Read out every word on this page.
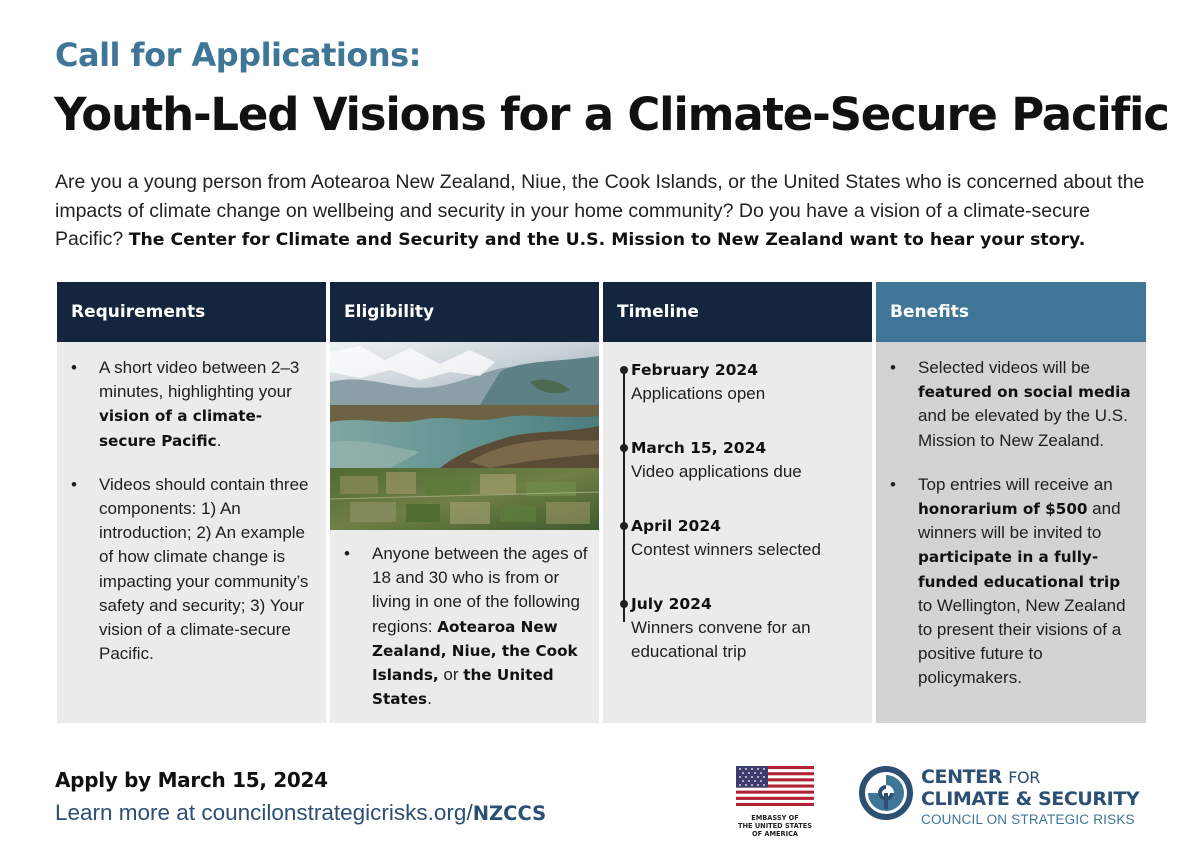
Call for Applications:
Youth-Led Visions for a Climate-Secure Pacific

Are you a young person from Aotearoa New Zealand, Niue, the Cook Islands, or the United States who is concerned about the impacts of climate change on wellbeing and security in your home community? Do you have a vision of a climate-secure Pacific? The Center for Climate and Security and the U.S. Mission to New Zealand want to hear your story.

Requirements
• A short video between 2–3 minutes, highlighting your vision of a climate-secure Pacific.
• Videos should contain three components: 1) An introduction; 2) An example of how climate change is impacting your community’s safety and security; 3) Your vision of a climate-secure Pacific.
Eligibility
• Anyone between the ages of 18 and 30 who is from or living in one of the following regions: Aotearoa New Zealand, Niue, the Cook Islands, or the United States.
Timeline
February 2024
Applications open
March 15, 2024
Video applications due
April 2024
Contest winners selected
July 2024
Winners convene for an educational trip
Benefits
• Selected videos will be featured on social media and be elevated by the U.S. Mission to New Zealand.
• Top entries will receive an honorarium of $500 and winners will be invited to participate in a fully-funded educational trip to Wellington, New Zealand to present their visions of a positive future to policymakers.
Apply by March 15, 2024
Learn more at councilonstrategicrisks.org/NZCCS	EMBASSY OF
THE UNITED STATES
OF AMERICA
CENTER FOR
CLIMATE & SECURITY
COUNCIL ON STRATEGIC RISKS
